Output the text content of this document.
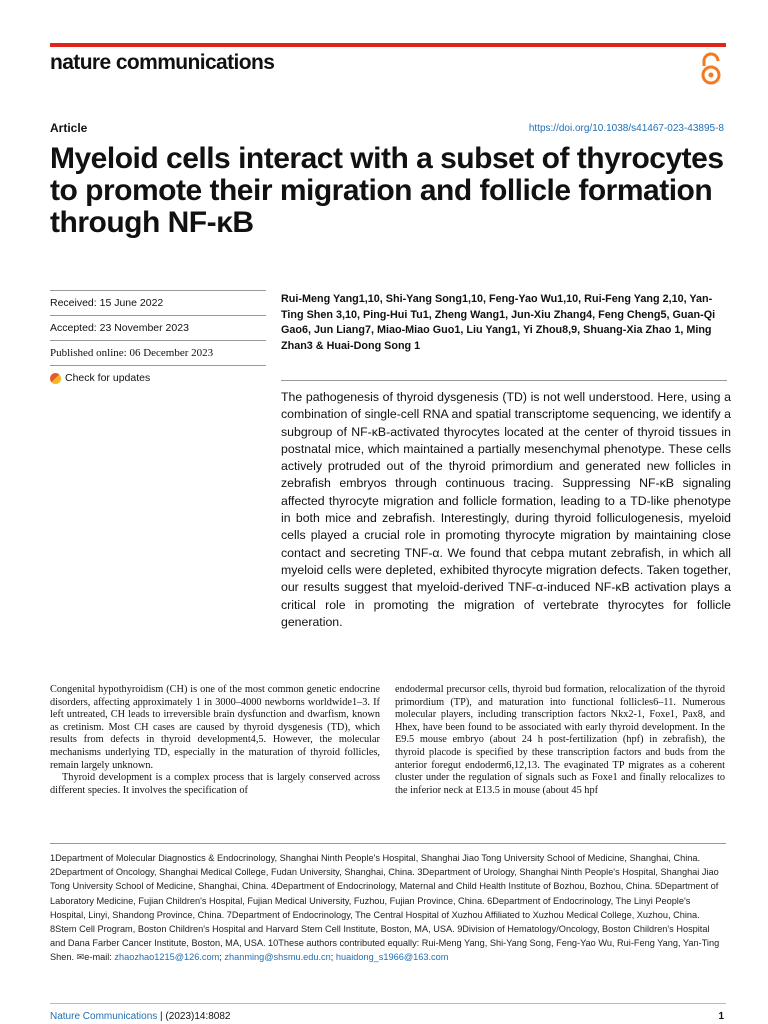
nature communications
Article	https://doi.org/10.1038/s41467-023-43895-8
Myeloid cells interact with a subset of thyrocytes to promote their migration and follicle formation through NF-κB
Received: 15 June 2022
Accepted: 23 November 2023
Published online: 06 December 2023
Check for updates

Rui-Meng Yang1,10, Shi-Yang Song1,10, Feng-Yao Wu1,10, Rui-Feng Yang 2,10, Yan-Ting Shen 3,10, Ping-Hui Tu1, Zheng Wang1, Jun-Xiu Zhang4, Feng Cheng5, Guan-Qi Gao6, Jun Liang7, Miao-Miao Guo1, Liu Yang1, Yi Zhou8,9, Shuang-Xia Zhao 1, Ming Zhan3 & Huai-Dong Song 1

The pathogenesis of thyroid dysgenesis (TD) is not well understood. Here, using a combination of single-cell RNA and spatial transcriptome sequencing, we identify a subgroup of NF-κB-activated thyrocytes located at the center of thyroid tissues in postnatal mice, which maintained a partially mesenchymal phenotype. These cells actively protruded out of the thyroid primordium and generated new follicles in zebrafish embryos through continuous tracing. Suppressing NF-κB signaling affected thyrocyte migration and follicle formation, leading to a TD-like phenotype in both mice and zebrafish. Interestingly, during thyroid folliculogenesis, myeloid cells played a crucial role in promoting thyrocyte migration by maintaining close contact and secreting TNF-α. We found that cebpa mutant zebrafish, in which all myeloid cells were depleted, exhibited thyrocyte migration defects. Taken together, our results suggest that myeloid-derived TNF-α-induced NF-κB activation plays a critical role in promoting the migration of vertebrate thyrocytes for follicle generation.

Congenital hypothyroidism (CH) is one of the most common genetic endocrine disorders, affecting approximately 1 in 3000–4000 newborns worldwide1–3. If left untreated, CH leads to irreversible brain dysfunction and dwarfism, known as cretinism. Most CH cases are caused by thyroid dysgenesis (TD), which results from defects in thyroid development4,5. However, the molecular mechanisms underlying TD, especially in the maturation of thyroid follicles, remain largely unknown.

Thyroid development is a complex process that is largely conserved across different species. It involves the specification of

endodermal precursor cells, thyroid bud formation, relocalization of the thyroid primordium (TP), and maturation into functional follicles6–11. Numerous molecular players, including transcription factors Nkx2-1, Foxe1, Pax8, and Hhex, have been found to be associated with early thyroid development. In the E9.5 mouse embryo (about 24 h post-fertilization (hpf) in zebrafish), the thyroid placode is specified by these transcription factors and buds from the anterior foregut endoderm6,12,13. The evaginated TP migrates as a coherent cluster under the regulation of signals such as Foxe1 and finally relocalizes to the inferior neck at E13.5 in mouse (about 45 hpf

1Department of Molecular Diagnostics & Endocrinology, Shanghai Ninth People's Hospital, Shanghai Jiao Tong University School of Medicine, Shanghai, China. 2Department of Oncology, Shanghai Medical College, Fudan University, Shanghai, China. 3Department of Urology, Shanghai Ninth People's Hospital, Shanghai Jiao Tong University School of Medicine, Shanghai, China. 4Department of Endocrinology, Maternal and Child Health Institute of Bozhou, Bozhou, China. 5Department of Laboratory Medicine, Fujian Children's Hospital, Fujian Medical University, Fuzhou, Fujian Province, China. 6Department of Endocrinology, The Linyi People's Hospital, Linyi, Shandong Province, China. 7Department of Endocrinology, The Central Hospital of Xuzhou Affiliated to Xuzhou Medical College, Xuzhou, China. 8Stem Cell Program, Boston Children's Hospital and Harvard Stem Cell Institute, Boston, MA, USA. 9Division of Hematology/Oncology, Boston Children's Hospital and Dana Farber Cancer Institute, Boston, MA, USA. 10These authors contributed equally: Rui-Meng Yang, Shi-Yang Song, Feng-Yao Wu, Rui-Feng Yang, Yan-Ting Shen. ✉e-mail: zhaozhao1215@126.com; zhanming@shsmu.edu.cn; huaidong_s1966@163.com
Nature Communications | (2023)14:8082	1
